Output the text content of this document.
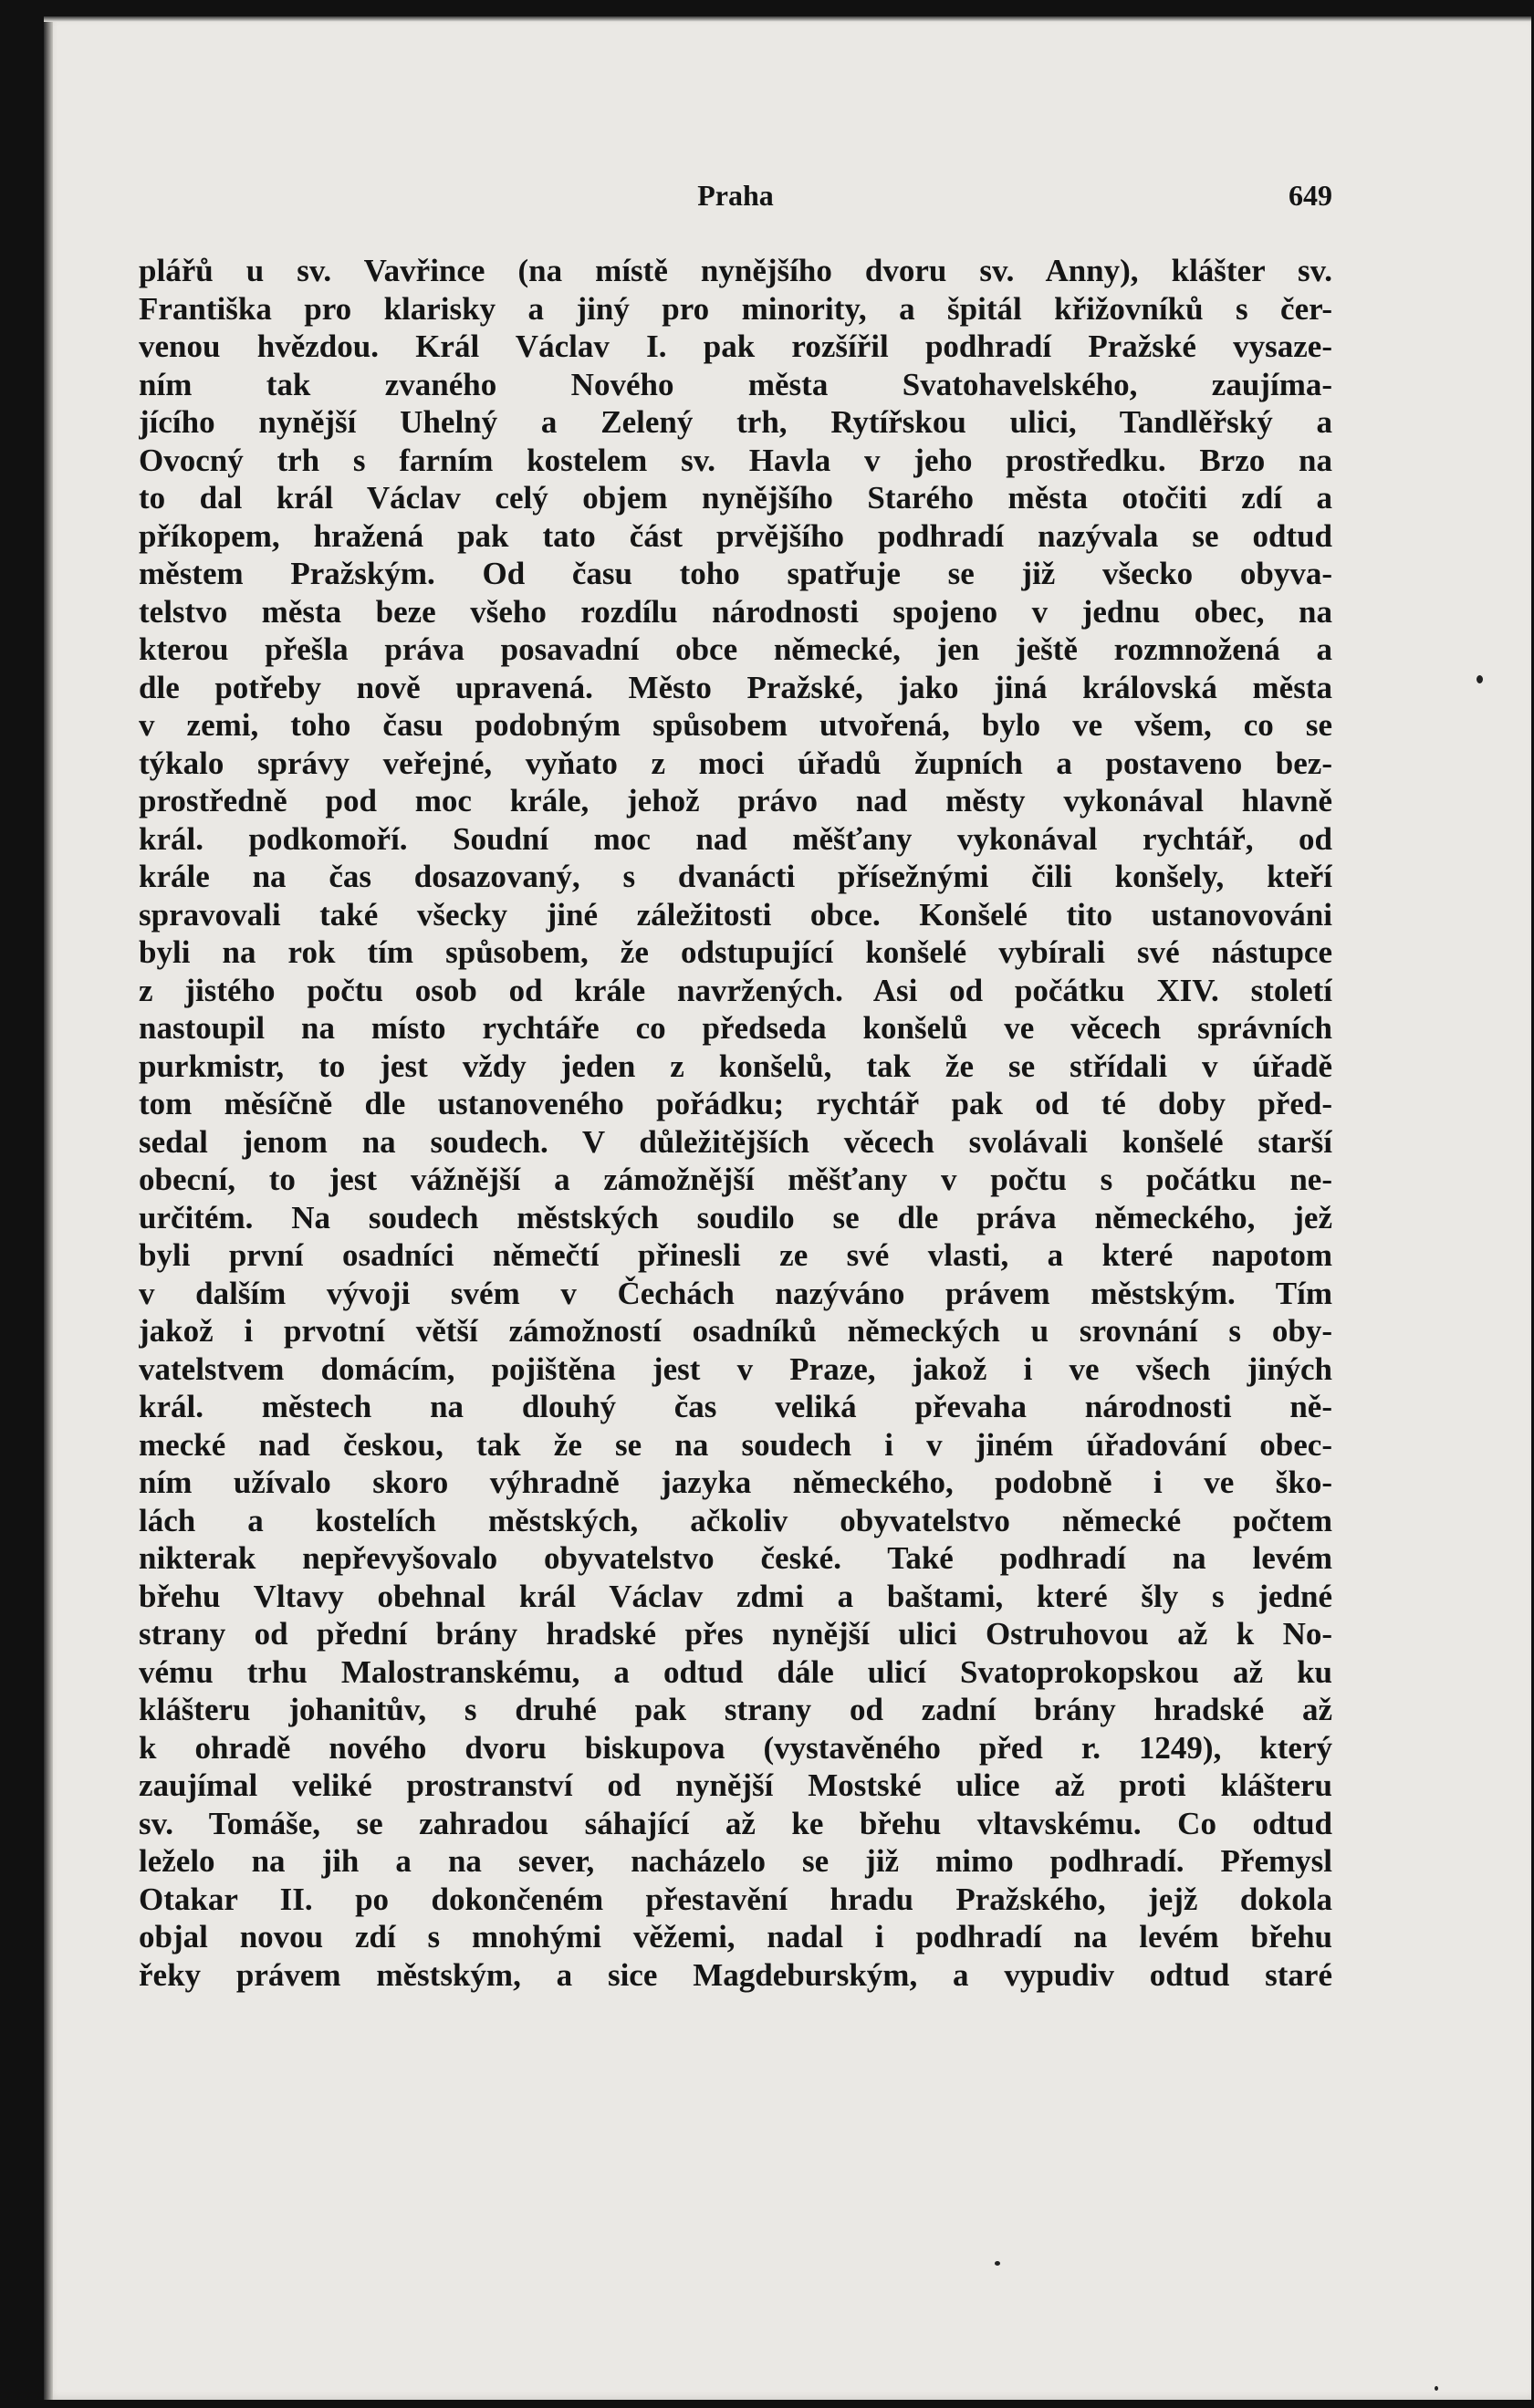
Praha	649
plářů u sv. Vavřince (na místě nynějšího dvoru sv. Anny), klášter sv.
Františka pro klarisky a jiný pro minority, a špitál křižovníků s čer-
venou hvězdou. Král Václav I. pak rozšířil podhradí Pražské vysaze-
ním tak zvaného Nového města Svatohavelského, zaujíma-
jícího nynější Uhelný a Zelený trh, Rytířskou ulici, Tandlěřský a
Ovocný trh s farním kostelem sv. Havla v jeho prostředku. Brzo na
to dal král Václav celý objem nynějšího Starého města otočiti zdí a
příkopem, hražená pak tato část prvějšího podhradí nazývala se odtud
městem Pražským. Od času toho spatřuje se již všecko obyva-
telstvo města beze všeho rozdílu národnosti spojeno v jednu obec, na
kterou přešla práva posavadní obce německé, jen ještě rozmnožená a
dle potřeby nově upravená. Město Pražské, jako jiná královská města
v zemi, toho času podobným spůsobem utvořená, bylo ve všem, co se
týkalo správy veřejné, vyňato z moci úřadů župních a postaveno bez-
prostředně pod moc krále, jehož právo nad městy vykonával hlavně
král. podkomoří. Soudní moc nad měšťany vykonával rychtář, od
krále na čas dosazovaný, s dvanácti přísežnými čili konšely, kteří
spravovali také všecky jiné záležitosti obce. Konšelé tito ustanovováni
byli na rok tím spůsobem, že odstupující konšelé vybírali své nástupce
z jistého počtu osob od krále navržených. Asi od počátku XIV. století
nastoupil na místo rychtáře co předseda konšelů ve věcech správních
purkmistr, to jest vždy jeden z konšelů, tak že se střídali v úřadě
tom měsíčně dle ustanoveného pořádku; rychtář pak od té doby před-
sedal jenom na soudech. V důležitějších věcech svolávali konšelé starší
obecní, to jest vážnější a zámožnější měšťany v počtu s počátku ne-
určitém. Na soudech městských soudilo se dle práva německého, jež
byli první osadníci němečtí přinesli ze své vlasti, a které napotom
v dalším vývoji svém v Čechách nazýváno právem městským. Tím
jakož i prvotní větší zámožností osadníků německých u srovnání s oby-
vatelstvem domácím, pojištěna jest v Praze, jakož i ve všech jiných
král. městech na dlouhý čas veliká převaha národnosti ně-
mecké nad českou, tak že se na soudech i v jiném úřadování obec-
ním užívalo skoro výhradně jazyka německého, podobně i ve ško-
lách a kostelích městských, ačkoliv obyvatelstvo německé počtem
nikterak nepřevyšovalo obyvatelstvo české. Také podhradí na levém
břehu Vltavy obehnal král Václav zdmi a baštami, které šly s jedné
strany od přední brány hradské přes nynější ulici Ostruhovou až k No-
vému trhu Malostranskému, a odtud dále ulicí Svatoprokopskou až ku
klášteru johanitův, s druhé pak strany od zadní brány hradské až
k ohradě nového dvoru biskupova (vystavěného před r. 1249), který
zaujímal veliké prostranství od nynější Mostské ulice až proti klášteru
sv. Tomáše, se zahradou sáhající až ke břehu vltavskému. Co odtud
leželo na jih a na sever, nacházelo se již mimo podhradí. Přemysl
Otakar II. po dokončeném přestavění hradu Pražského, jejž dokola
objal novou zdí s mnohými věžemi, nadal i podhradí na levém břehu
řeky právem městským, a sice Magdeburským, a vypudiv odtud staré
